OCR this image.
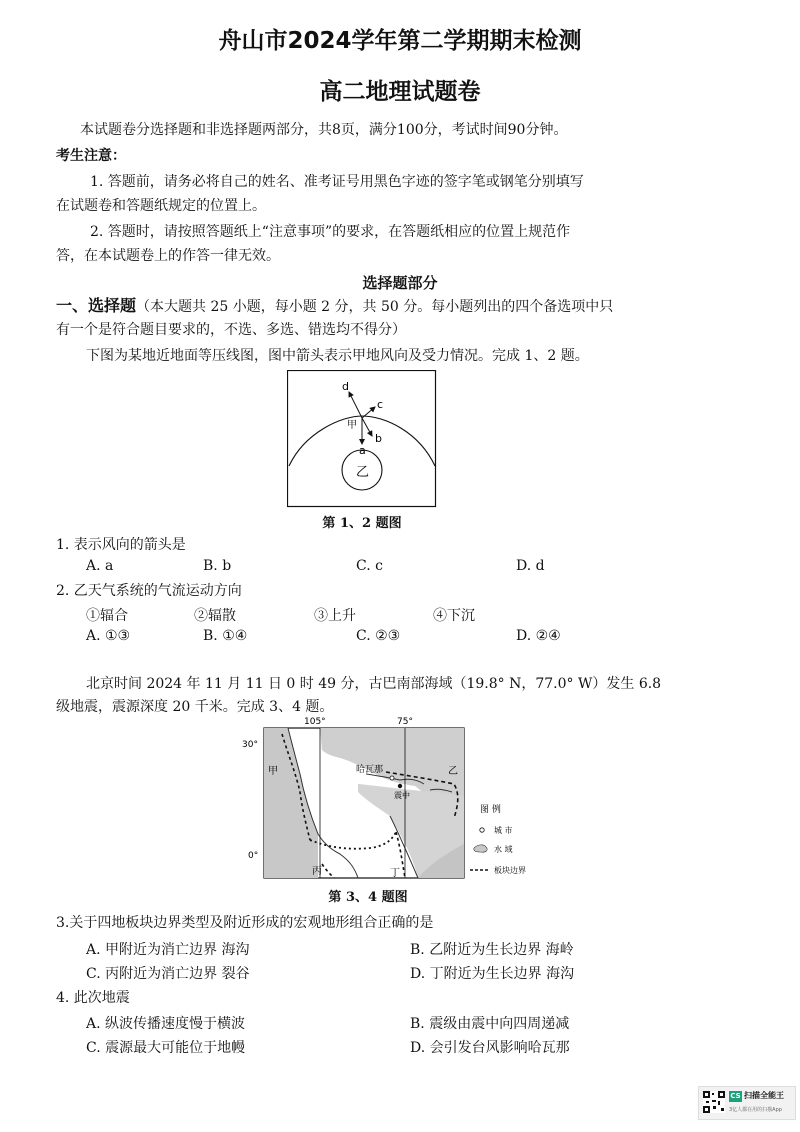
舟山市2024学年第二学期期末检测
高二地理试题卷
本试题卷分选择题和非选择题两部分，共8页，满分100分，考试时间90分钟。
考生注意：
1. 答题前，请务必将自己的姓名、准考证号用黑色字迹的签字笔或钢笔分别填写
在试题卷和答题纸规定的位置上。
2. 答题时，请按照答题纸上“注意事项”的要求，在答题纸相应的位置上规范作
答，在本试题卷上的作答一律无效。
选择题部分
一、选择题（本大题共 25 小题，每小题 2 分，共 50 分。每小题列出的四个备选项中只
有一个是符合题目要求的，不选、多选、错选均不得分）
下图为某地近地面等压线图，图中箭头表示甲地风向及受力情况。完成 1、2 题。
d
c
甲
b
a
乙
第 1、2 题图
1. 表示风向的箭头是
A. a	B. b	C. c	D. d
2. 乙天气系统的气流运动方向
①辐合	②辐散	③上升	④下沉
A. ①③	B. ①④	C. ②③	D. ②④
北京时间 2024 年 11 月 11 日 0 时 49 分，古巴南部海域（19.8° N，77.0° W）发生 6.8
级地震，震源深度 20 千米。完成 3、4 题。
105°	75°
30°
0°
甲	乙
丙	丁
哈瓦那
震中
图 例
城 市
水 域
板块边界
第 3、4 题图
3.关于四地板块边界类型及附近形成的宏观地形组合正确的是
A. 甲附近为消亡边界 海沟	B. 乙附近为生长边界 海岭
C. 丙附近为消亡边界 裂谷	D. 丁附近为生长边界 海沟
4. 此次地震
A. 纵波传播速度慢于横波	B. 震级由震中向四周递减
C. 震源最大可能位于地幔	D. 会引发台风影响哈瓦那
CS 扫描全能王
3亿人都在用的扫描App
